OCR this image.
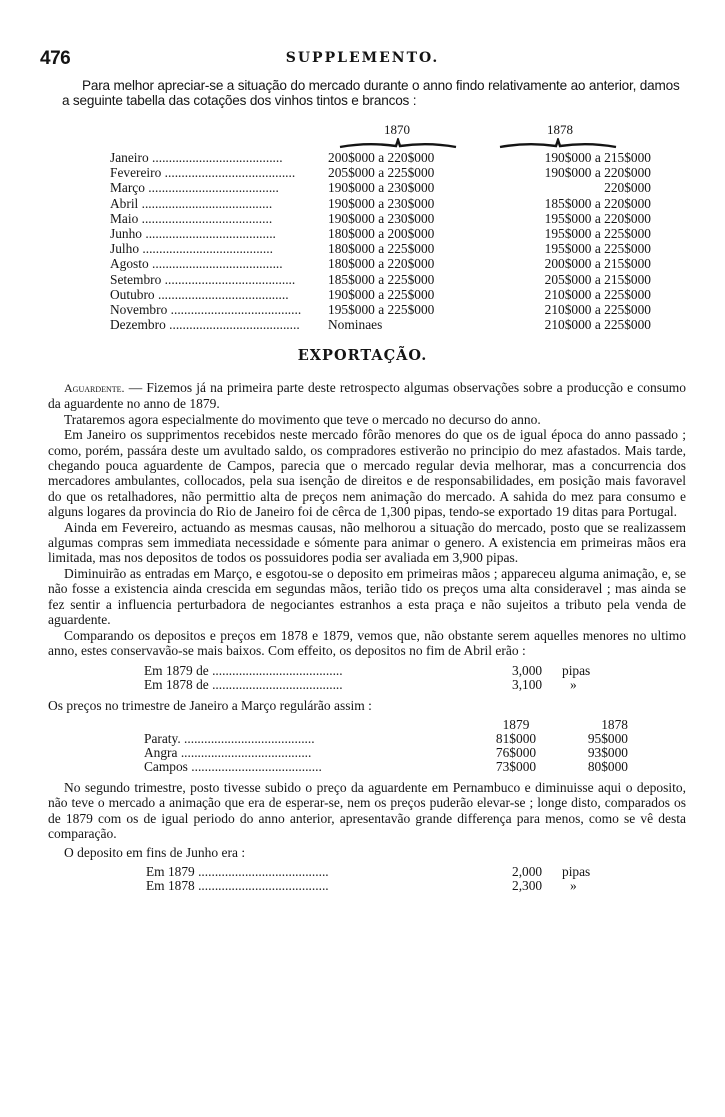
476	SUPPLEMENTO.

Para melhor apreciar-se a situação do mercado durante o anno findo relativamente ao anterior, damos a seguinte tabella das cotações dos vinhos tintos e brancos :

1870	1878
Janeiro .....	200$000 a 220$000	190$000 a 215$000
Fevereiro .....	205$000 a 225$000	190$000 a 220$000
Março .....	190$000 a 230$000	220$000
Abril .....	190$000 a 230$000	185$000 a 220$000
Maio .....	190$000 a 230$000	195$000 a 220$000
Junho .....	180$000 a 200$000	195$000 a 225$000
Julho .....	180$000 a 225$000	195$000 a 225$000
Agosto .....	180$000 a 220$000	200$000 a 215$000
Setembro .....	185$000 a 225$000	205$000 a 215$000
Outubro .....	190$000 a 225$000	210$000 a 225$000
Novembro .....	195$000 a 225$000	210$000 a 225$000
Dezembro .....	Nominaes	210$000 a 225$000
EXPORTAÇÃO.

Aguardente. — Fizemos já na primeira parte deste retrospecto algumas observações sobre a producção e consumo da aguardente no anno de 1879.

Trataremos agora especialmente do movimento que teve o mercado no decurso do anno.

Em Janeiro os supprimentos recebidos neste mercado fôrão menores do que os de igual época do anno passado ; como, porém, passára deste um avultado saldo, os compradores estiverão no principio do mez afastados. Mais tarde, chegando pouca aguardente de Campos, parecia que o mercado regular devia melhorar, mas a concurrencia dos mercadores ambulantes, collocados, pela sua isenção de direitos e de responsabilidades, em posição mais favoravel do que os retalhadores, não permittio alta de preços nem animação do mercado. A sahida do mez para consumo e alguns logares da provincia do Rio de Janeiro foi de cêrca de 1,300 pipas, tendo-se exportado 19 ditas para Portugal.

Ainda em Fevereiro, actuando as mesmas causas, não melhorou a situação do mercado, posto que se realizassem algumas compras sem immediata necessidade e sómente para animar o genero. A existencia em primeiras mãos era limitada, mas nos depositos de todos os possuidores podia ser avaliada em 3,900 pipas.

Diminuirão as entradas em Março, e esgotou-se o deposito em primeiras mãos ; appareceu alguma animação, e, se não fosse a existencia ainda crescida em segundas mãos, terião tido os preços uma alta consideravel ; mas ainda se fez sentir a influencia perturbadora de negociantes estranhos a esta praça e não sujeitos a tributo pela venda de aguardente.

Comparando os depositos e preços em 1878 e 1879, vemos que, não obstante serem aquelles menores no ultimo anno, estes conservavão-se mais baixos. Com effeito, os depositos no fim de Abril erão :

Em 1879 de .....	3,000	pipas
Em 1878 de .....	3,100	»

Os preços no trimestre de Janeiro a Março regulárão assim :

	1879	1878
Paraty. .....	81$000	95$000
Angra .....	76$000	93$000
Campos .....	73$000	80$000

No segundo trimestre, posto tivesse subido o preço da aguardente em Pernambuco e diminuisse aqui o deposito, não teve o mercado a animação que era de esperar-se, nem os preços puderão elevar-se ; longe disto, comparados os de 1879 com os de igual periodo do anno anterior, apresentavão grande differença para menos, como se vê desta comparação.

O deposito em fins de Junho era :

Em 1879 .....	2,000	pipas
Em 1878 .....	2,300	»
